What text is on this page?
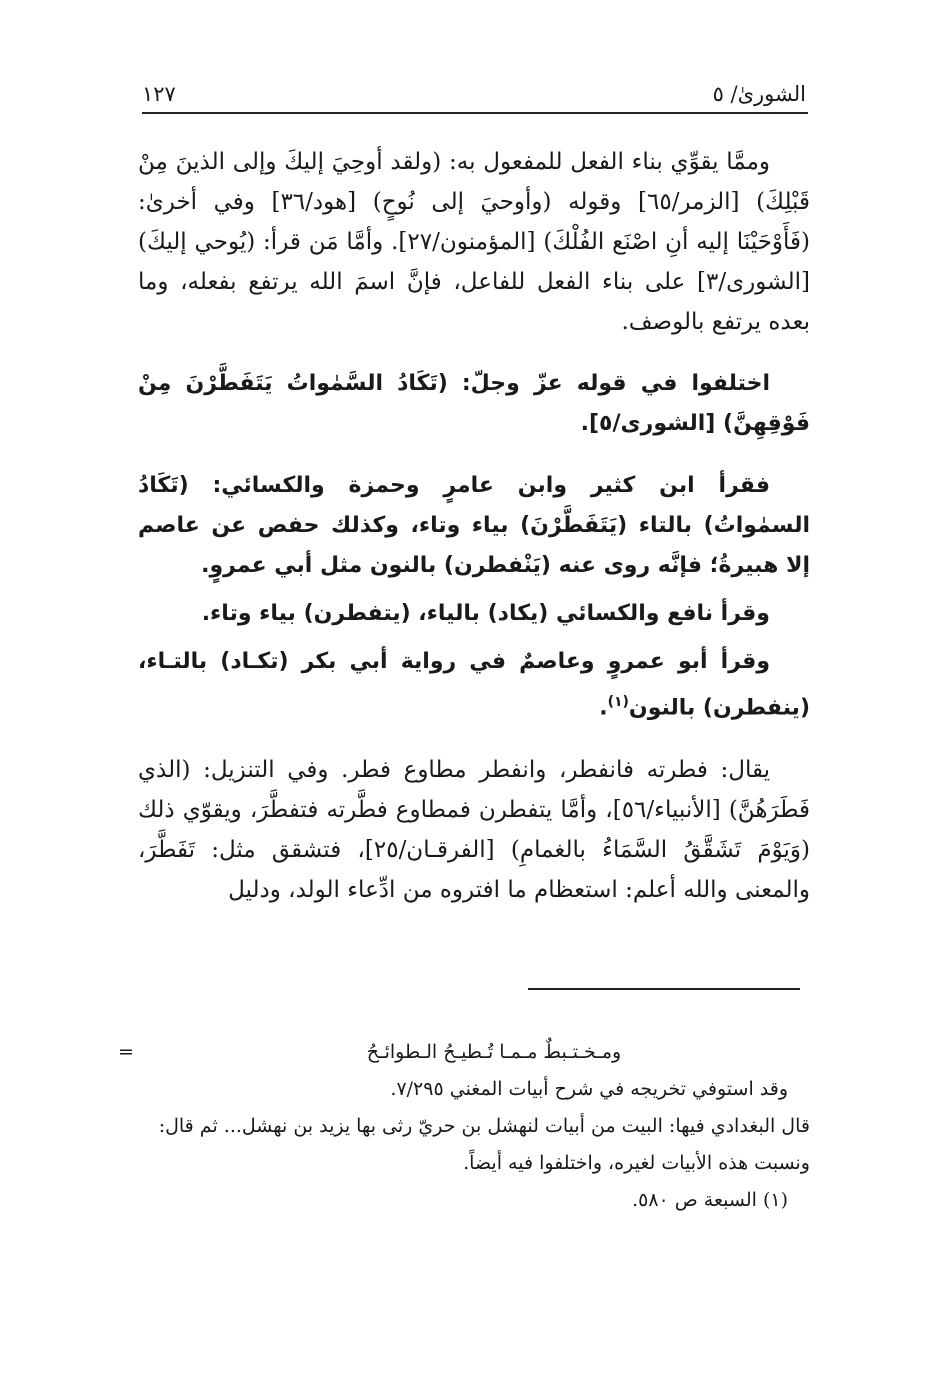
الشورىٰ/ ٥
١٢٧

وممَّا يقوِّي بناء الفعل للمفعول به: (ولقد أوحِيَ إليكَ وإلى الذينَ مِنْ قَبْلِكَ) [الزمر/٦٥] وقوله (وأوحيَ إلى نُوحٍ) [هود/٣٦] وفي أخرىٰ: (فَأَوْحَيْنَا إليه أنِ اصْنَع الفُلْكَ) [المؤمنون/٢٧]. وأمَّا مَن قرأ: (يُوحي إليكَ) [الشورى/٣] على بناء الفعل للفاعل، فإنَّ اسمَ الله يرتفع بفعله، وما بعده يرتفع بالوصف.

اختلفوا في قوله عزّ وجلّ: (تَكَادُ السَّمٰواتُ يَتَفَطَّرْنَ مِنْ فَوْقِهِنَّ) [الشورى/٥].

فقرأ ابن كثير وابن عامرٍ وحمزة والكسائي: (تَكَادُ السمٰواتُ) بالتاء (يَتَفَطَّرْنَ) بياء وتاء، وكذلك حفص عن عاصم إلا هبيرةُ؛ فإنَّه روى عنه (يَنْفطرن) بالنون مثل أبي عمروٍ.

وقرأ نافع والكسائي (يكاد) بالياء، (يتفطرن) بياء وتاء.

وقرأ أبو عمروٍ وعاصمٌ في رواية أبي بكر (تكـاد) بالتـاء، (ينفطرن) بالنون$^{(١)}$.

يقال: فطرته فانفطر، وانفطر مطاوع فطر. وفي التنزيل: (الذي فَطَرَهُنَّ) [الأنبياء/٥٦]، وأمَّا يتفطرن فمطاوع فطَّرته فتفطَّرَ، ويقوّي ذلك (وَيَوْمَ تَشَقَّقُ السَّمَاءُ بالغمامِ) [الفرقـان/٢٥]، فتشقق مثل: تَفَطَّرَ، والمعنى والله أعلم: استعظام ما افتروه من ادِّعاء الولد، ودليل

=	ومـخـتـبطٌ مـمـا تُـطيـحُ الـطوائـحُ

وقد استوفي تخريجه في شرح أبيات المغني ٧/٢٩٥.

قال البغدادي فيها: البيت من أبيات لنهشل بن حريّ رثى بها يزيد بن نهشل... ثم قال: ونسبت هذه الأبيات لغيره، واختلفوا فيه أيضاً.

(١) السبعة ص ٥٨٠.
